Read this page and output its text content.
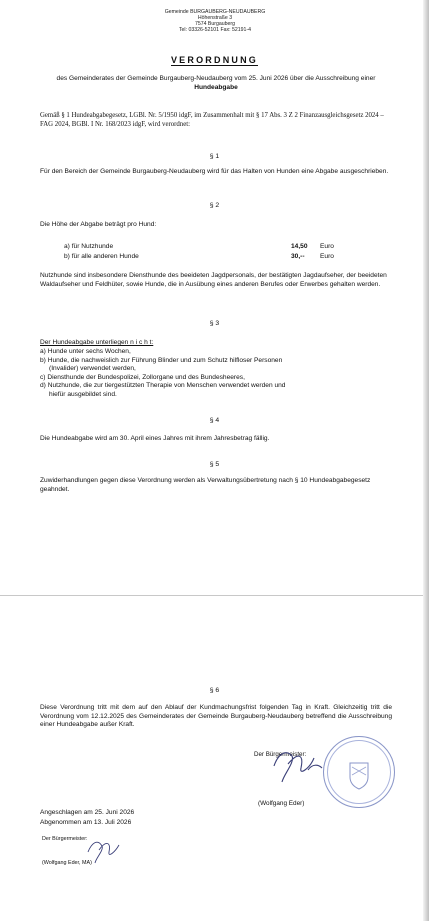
Gemeinde BURGAUBERG-NEUDAUBERG
Höhenstraße 3
7574 Burgauberg
Tel: 03326-52101 Fax: 52191-4
VERORDNUNG
des Gemeinderates der Gemeinde Burgauberg-Neudauberg vom 25. Juni 2026 über die Ausschreibung einer Hundeabgabe
Gemäß § 1 Hundeabgabegesetz, LGBl. Nr. 5/1950 idgF, im Zusammenhalt mit § 17 Abs. 3 Z 2 Finanzausgleichsgesetz 2024 – FAG 2024, BGBl. I Nr. 168/2023 idgF, wird verordnet:
§ 1
Für den Bereich der Gemeinde Burgauberg-Neudauberg wird für das Halten von Hunden eine Abgabe ausgeschrieben.
§ 2
Die Höhe der Abgabe beträgt pro Hund:
a) für Nutzhunde	14,50 Euro
b) für alle anderen Hunde	30,-- Euro
Nutzhunde sind insbesondere Diensthunde des beeideten Jagdpersonals, der bestätigten Jagdaufseher, der beeideten Waldaufseher und Feldhüter, sowie Hunde, die in Ausübung eines anderen Berufes oder Erwerbes gehalten werden.
§ 3
Der Hundeabgabe unterliegen n i c h t:
a) Hunde unter sechs Wochen,
b) Hunde, die nachweislich zur Führung Blinder und zum Schutz hilfloser Personen
(Invalider) verwendet werden,
c) Diensthunde der Bundespolizei, Zollorgane und des Bundesheeres,
d) Nutzhunde, die zur tiergestützten Therapie von Menschen verwendet werden und
hiefür ausgebildet sind.
§ 4
Die Hundeabgabe wird am 30. April eines Jahres mit ihrem Jahresbetrag fällig.
§ 5
Zuwiderhandlungen gegen diese Verordnung werden als Verwaltungsübertretung nach § 10 Hundeabgabegesetz geahndet.
§ 6
Diese Verordnung tritt mit dem auf den Ablauf der Kundmachungsfrist folgenden Tag in Kraft. Gleichzeitig tritt die Verordnung vom 12.12.2025 des Gemeinderates der Gemeinde Burgauberg-Neudauberg betreffend die Ausschreibung einer Hundeabgabe außer Kraft.
Der Bürgermeister:
(Wolfgang Eder)
Angeschlagen am 25. Juni 2026
Abgenommen am 13. Juli 2026
Der Bürgermeister:
(Wolfgang Eder, MA)
